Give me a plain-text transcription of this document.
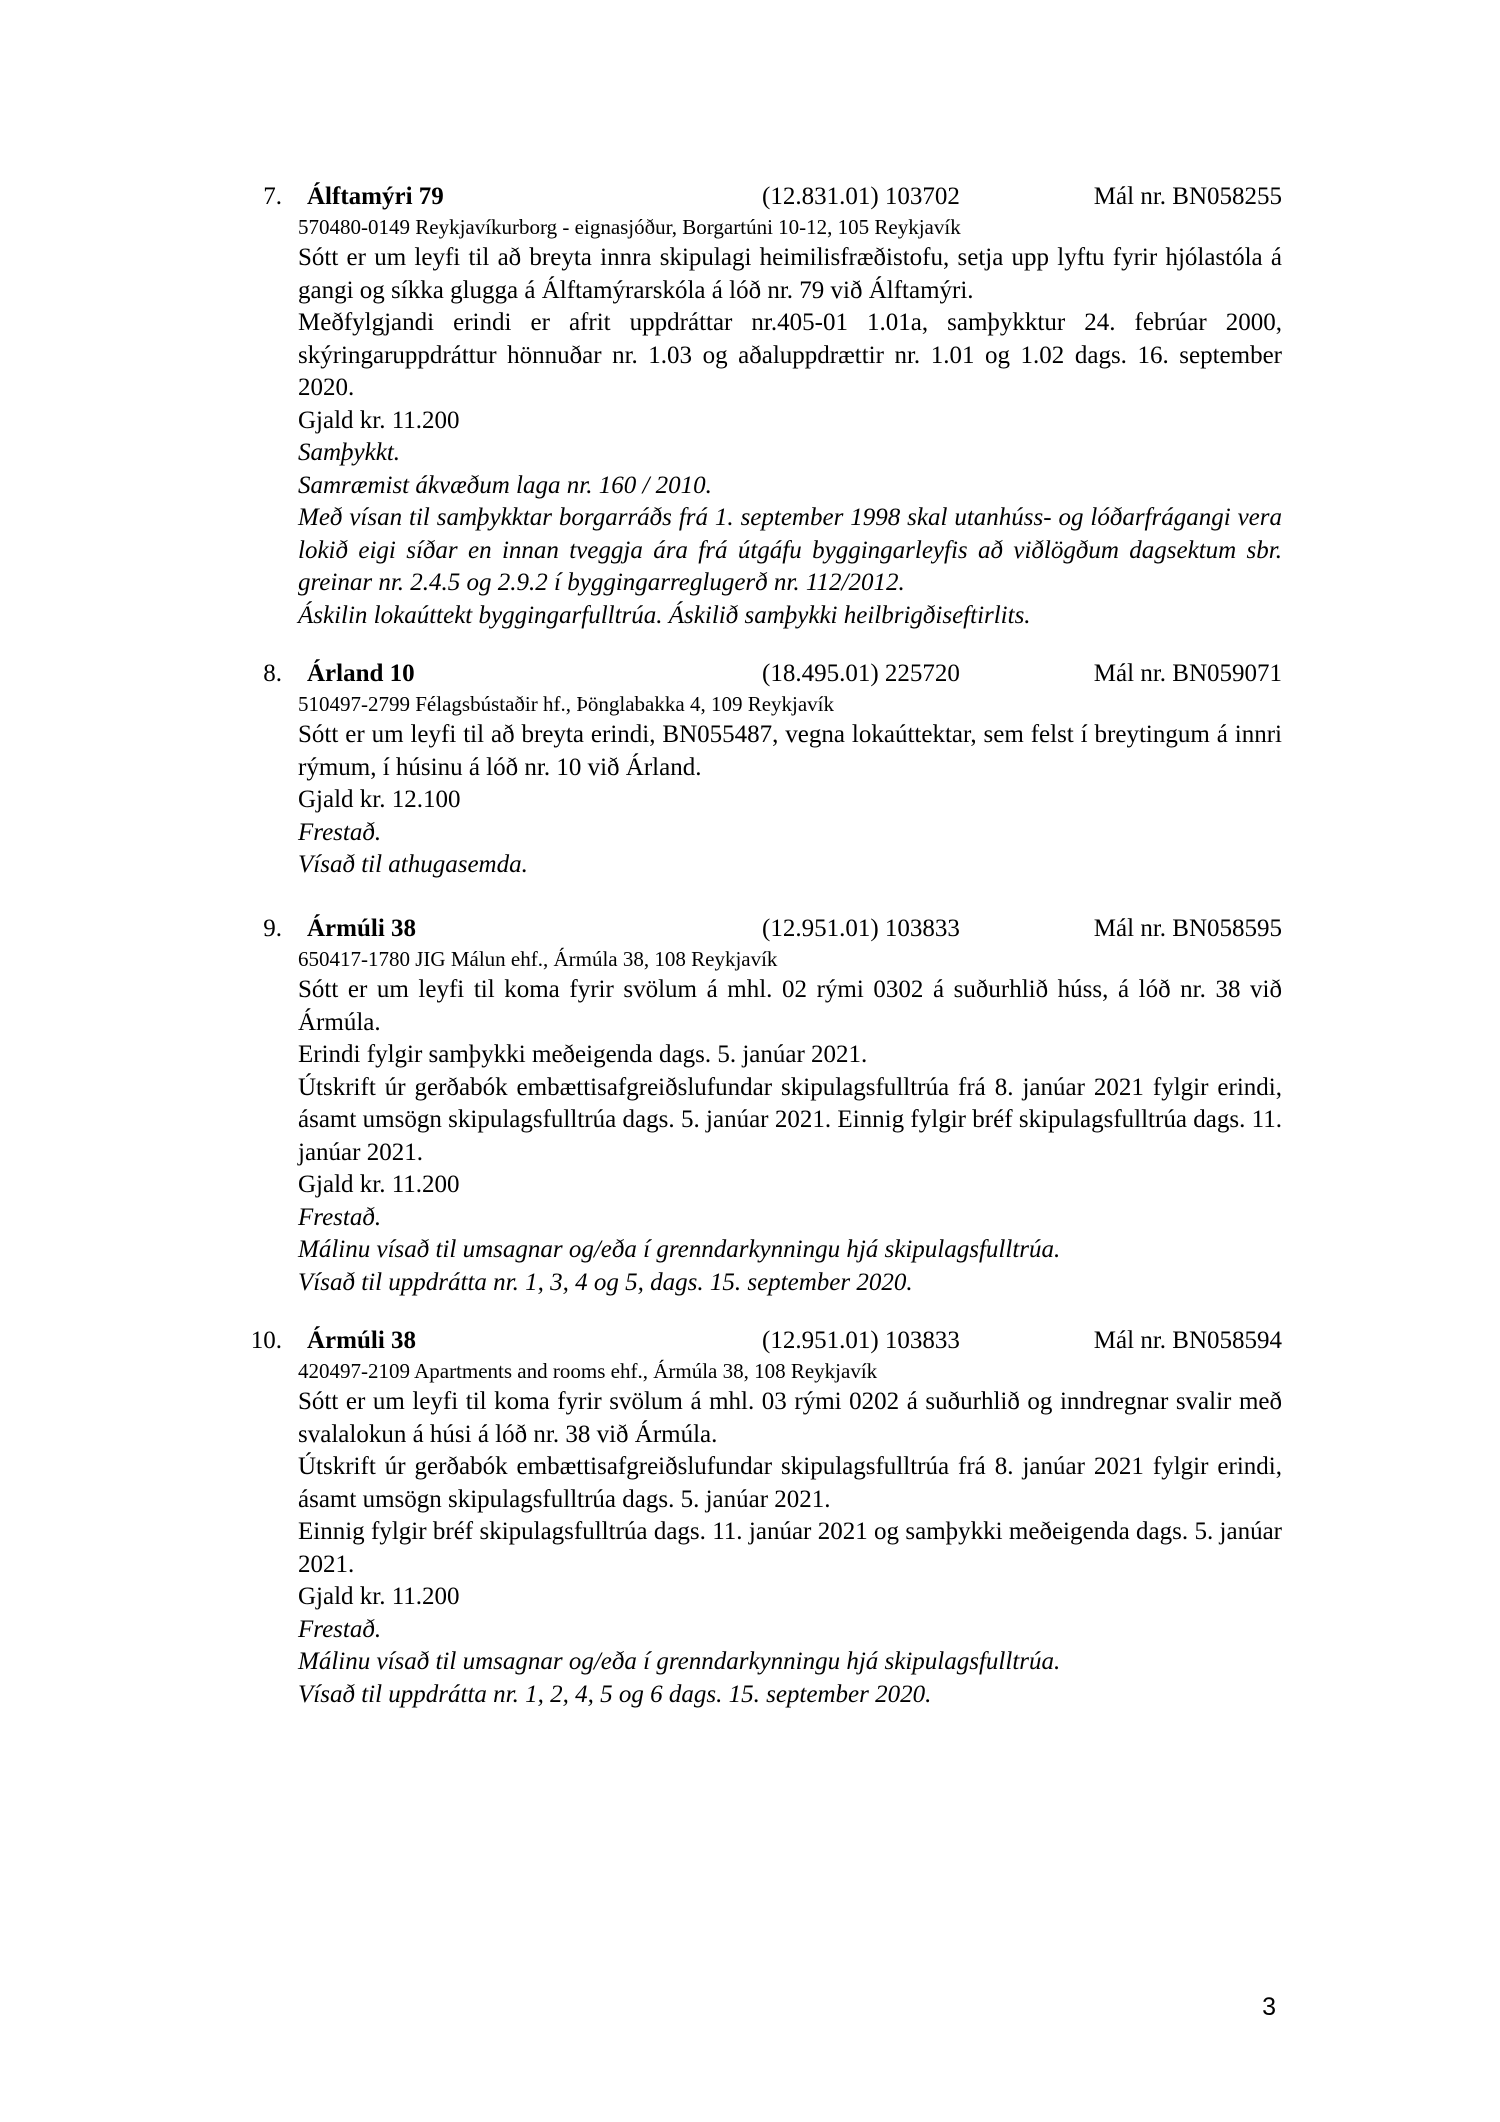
7. Álftamýri 79	(12.831.01) 103702	Mál nr. BN058255

570480-0149 Reykjavíkurborg - eignasjóður, Borgartúni 10-12, 105 Reykjavík

Sótt er um leyfi til að breyta innra skipulagi heimilisfræðistofu, setja upp lyftu fyrir hjólastóla á gangi og síkka glugga á Álftamýrarskóla á lóð nr. 79 við Álftamýri.

Meðfylgjandi erindi er afrit uppdráttar nr.405-01 1.01a, samþykktur 24. febrúar 2000, skýringaruppdráttur hönnuðar nr. 1.03 og aðaluppdrættir nr. 1.01 og 1.02 dags. 16. september 2020.

Gjald kr. 11.200

Samþykkt.

Samræmist ákvæðum laga nr. 160 / 2010.

Með vísan til samþykktar borgarráðs frá 1. september 1998 skal utanhúss- og lóðarfrágangi vera lokið eigi síðar en innan tveggja ára frá útgáfu byggingarleyfis að viðlögðum dagsektum sbr. greinar nr. 2.4.5 og 2.9.2 í byggingarreglugerð nr. 112/2012.

Áskilin lokaúttekt byggingarfulltrúa. Áskilið samþykki heilbrigðiseftirlits.

8. Árland 10	(18.495.01) 225720	Mál nr. BN059071

510497-2799 Félagsbústaðir hf., Þönglabakka 4, 109 Reykjavík

Sótt er um leyfi til að breyta erindi, BN055487, vegna lokaúttektar, sem felst í breytingum á innri rýmum, í húsinu á lóð nr. 10 við Árland.

Gjald kr. 12.100

Frestað.

Vísað til athugasemda.

9. Ármúli 38	(12.951.01) 103833	Mál nr. BN058595

650417-1780 JIG Málun ehf., Ármúla 38, 108 Reykjavík

Sótt er um leyfi til koma fyrir svölum á mhl. 02 rými 0302 á suðurhlið húss, á lóð nr. 38 við Ármúla.

Erindi fylgir samþykki meðeigenda dags. 5. janúar 2021.

Útskrift úr gerðabók embættisafgreiðslufundar skipulagsfulltrúa frá 8. janúar 2021 fylgir erindi, ásamt umsögn skipulagsfulltrúa dags. 5. janúar 2021. Einnig fylgir bréf skipulagsfulltrúa dags. 11. janúar 2021.

Gjald kr. 11.200

Frestað.

Málinu vísað til umsagnar og/eða í grenndarkynningu hjá skipulagsfulltrúa.

Vísað til uppdrátta nr. 1, 3, 4 og 5, dags. 15. september 2020.

10. Ármúli 38	(12.951.01) 103833	Mál nr. BN058594

420497-2109 Apartments and rooms ehf., Ármúla 38, 108 Reykjavík

Sótt er um leyfi til koma fyrir svölum á mhl. 03 rými 0202 á suðurhlið og inndregnar svalir með svalalokun á húsi á lóð nr. 38 við Ármúla.

Útskrift úr gerðabók embættisafgreiðslufundar skipulagsfulltrúa frá 8. janúar 2021 fylgir erindi, ásamt umsögn skipulagsfulltrúa dags. 5. janúar 2021.

Einnig fylgir bréf skipulagsfulltrúa dags. 11. janúar 2021 og samþykki meðeigenda dags. 5. janúar 2021.

Gjald kr. 11.200

Frestað.

Málinu vísað til umsagnar og/eða í grenndarkynningu hjá skipulagsfulltrúa.

Vísað til uppdrátta nr. 1, 2, 4, 5 og 6 dags. 15. september 2020.

3
